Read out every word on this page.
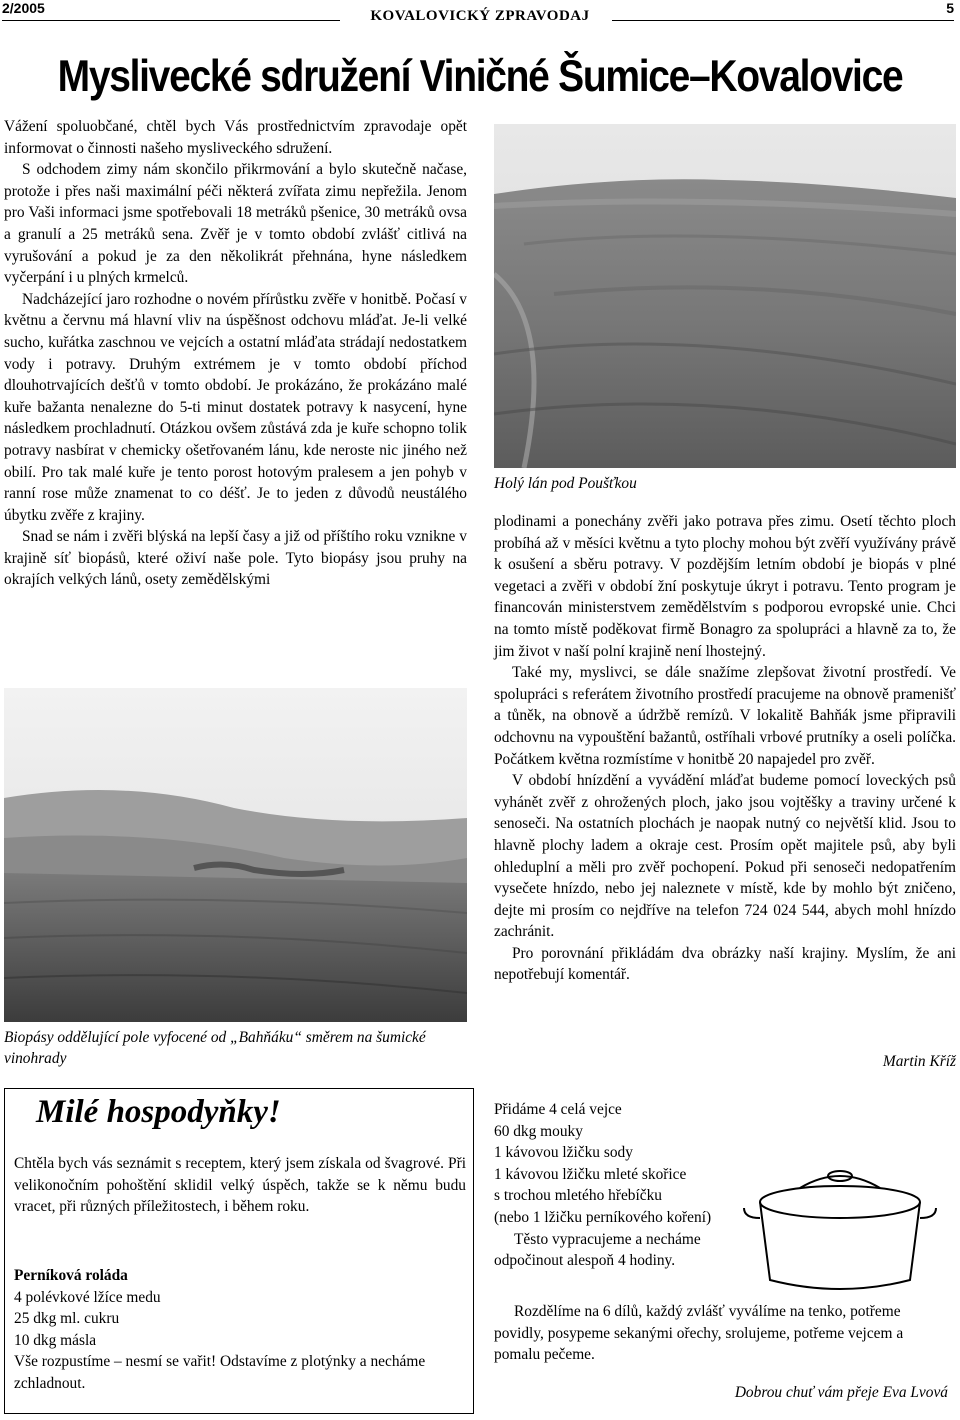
2/2005	KOVALOVICKÝ ZPRAVODAJ	5
Myslivecké sdružení Viničné Šumice–Kovalovice

Vážení spoluobčané, chtěl bych Vás prostřednictvím zpravodaje opět informovat o činnosti našeho mysliveckého sdružení.

S odchodem zimy nám skončilo přikrmování a bylo skutečně načase, protože i přes naši maximální péči některá zvířata zimu nepřežila. Jenom pro Vaši informaci jsme spotřebovali 18 metráků pšenice, 30 metráků ovsa a granulí a 25 metráků sena. Zvěř je v tomto období zvlášť citlivá na vyrušování a pokud je za den několikrát přehnána, hyne následkem vyčerpání i u plných krmelců.

Nadcházející jaro rozhodne o novém přírůstku zvěře v honitbě. Počasí v květnu a červnu má hlavní vliv na úspěšnost odchovu mláďat. Je-li velké sucho, kuřátka zaschnou ve vejcích a ostatní mláďata strádají nedostatkem vody i potravy. Druhým extrémem je v tomto období příchod dlouhotrvajících dešťů v tomto období. Je prokázáno, že prokázáno malé kuře bažanta nenalezne do 5-ti minut dostatek potravy k nasycení, hyne následkem prochladnutí. Otázkou ovšem zůstává zda je kuře schopno tolik potravy nasbírat v chemicky ošetřovaném lánu, kde neroste nic jiného než obilí. Pro tak malé kuře je tento porost hotovým pralesem a jen pohyb v ranní rose může znamenat to co déšť. Je to jeden z důvodů neustálého úbytku zvěře z krajiny.

Snad se nám i zvěři blýská na lepší časy a již od příštího roku vznikne v krajině síť biopásů, které oživí naše pole. Tyto biopásy jsou pruhy na okrajích velkých lánů, osety zemědělskými

Holý lán pod Poušťkou

plodinami a ponechány zvěři jako potrava přes zimu. Osetí těchto ploch probíhá až v měsíci květnu a tyto plochy mohou být zvěří využívány právě k osušení a sběru potravy. V pozdějším letním období je biopás v plné vegetaci a zvěři v období žní poskytuje úkryt i potravu. Tento program je financován ministerstvem zemědělstvím s podporou evropské unie. Chci na tomto místě poděkovat firmě Bonagro za spolupráci a hlavně za to, že jim život v naší polní krajině není lhostejný.

Také my, myslivci, se dále snažíme zlepšovat životní prostředí. Ve spolupráci s referátem životního prostředí pracujeme na obnově pramenišť a tůněk, na obnově a údržbě remízů. V lokalitě Bahňák jsme připravili odchovnu na vypouštění bažantů, ostříhali vrbové prutníky a oseli políčka. Počátkem května rozmístíme v honitbě 20 napajedel pro zvěř.

V období hnízdění a vyvádění mláďat budeme pomocí loveckých psů vyhánět zvěř z ohrožených ploch, jako jsou vojtěšky a traviny určené k senoseči. Na ostatních plochách je naopak nutný co největší klid. Jsou to hlavně plochy ladem a okraje cest. Prosím opět majitele psů, aby byli ohleduplní a měli pro zvěř pochopení. Pokud při senoseči nedopatřením vysečete hnízdo, nebo jej naleznete v místě, kde by mohlo být zničeno, dejte mi prosím co nejdříve na telefon 724 024 544, abych mohl hnízdo zachránit.

Pro porovnání přikládám dva obrázky naší krajiny. Myslím, že ani nepotřebují komentář.

Martin Kříž
Biopásy oddělující pole vyfocené od „Bahňáku“ směrem na šumické vinohrady
Milé hospodyňky!
Chtěla bych vás seznámit s receptem, který jsem získala od švagrové. Při velikonočním pohoštění sklidil velký úspěch, takže se k němu budu vracet, při různých příležitostech, i během roku.
Perníková roláda
4 polévkové lžíce medu
25 dkg ml. cukru
10 dkg másla
Vše rozpustíme – nesmí se vařit! Odstavíme z plotýnky a necháme zchladnout.
Přidáme 4 celá vejce
60 dkg mouky
1 kávovou lžičku sody
1 kávovou lžičku mleté skořice
s trochou mletého hřebíčku
(nebo 1 lžičku perníkového koření)
Těsto vypracujeme a necháme odpočinout alespoň 4 hodiny.

Rozdělíme na 6 dílů, každý zvlášť vyválíme na tenko, potřeme povidly, posypeme sekanými ořechy, srolujeme, potřeme vejcem a pomalu pečeme.

Dobrou chuť vám přeje Eva Lvová
